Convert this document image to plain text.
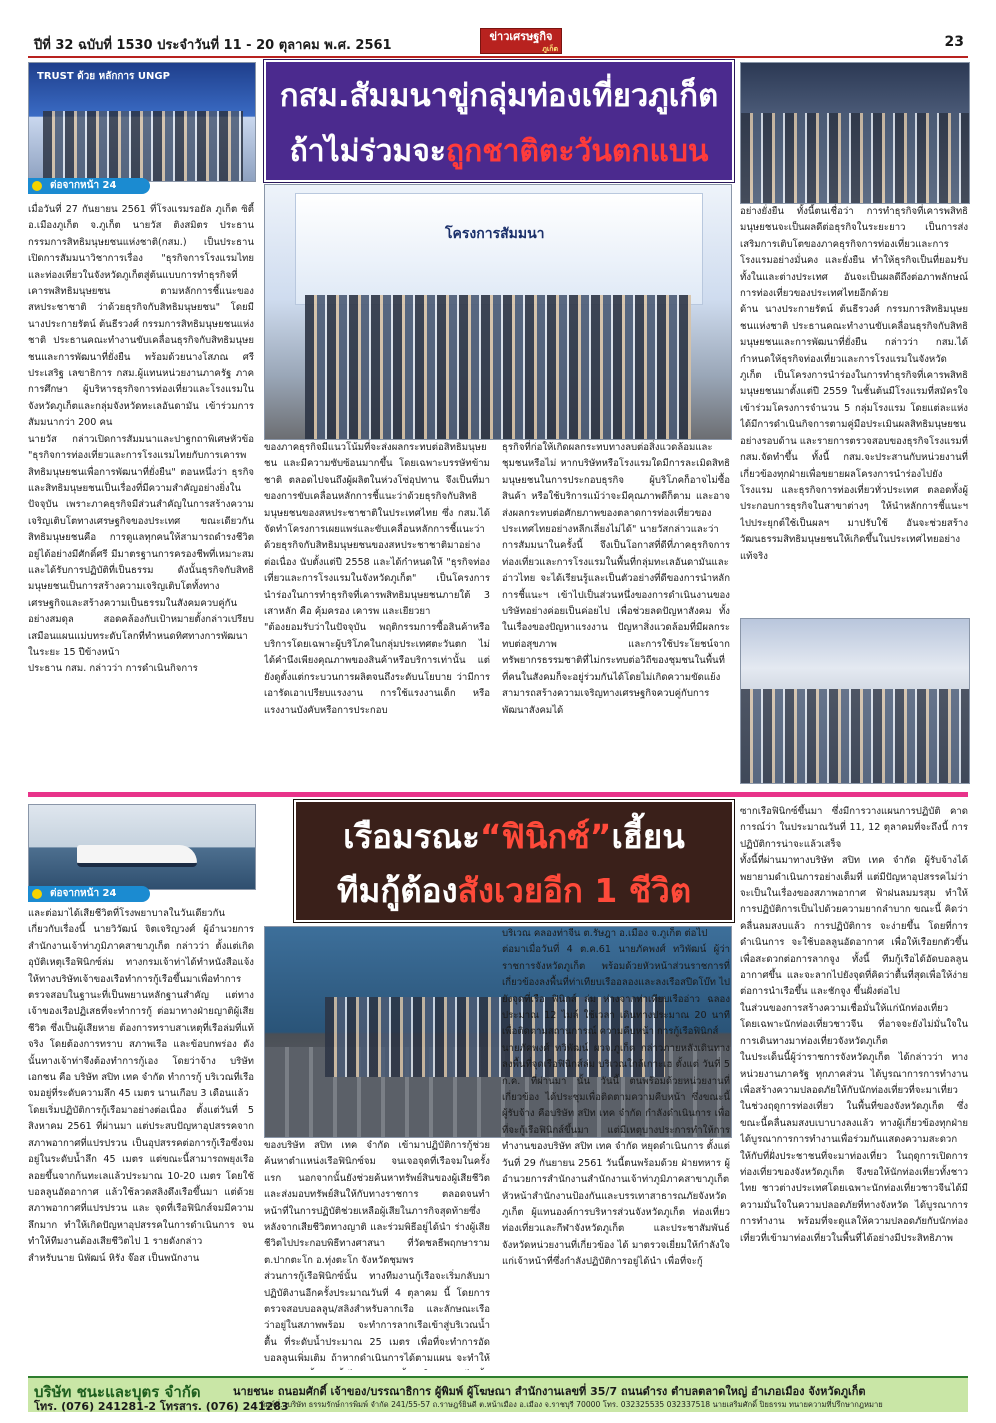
ปีที่ 32 ฉบับที่ 1530 ประจำวันที่ 11 - 20 ตุลาคม พ.ศ. 2561
ข่าวเศรษฐกิจ
ภูเก็ต	23
TRUST ด้วย หลักการ UNGP
ต่อจากหน้า 24
กสม.สัมมนาขู่กลุ่มท่องเที่ยวภูเก็ต
ถ้าไม่ร่วมจะถูกชาติตะวันตกแบน
โครงการสัมมนา
เมื่อวันที่ 27 กันยายน 2561 ที่โรงแรมรอยัล ภูเก็ต ซิตี้ อ.เมืองภูเก็ต จ.ภูเก็ต นายวัส ติงสมิตร ประธานกรรมการสิทธิมนุษยชนแห่งชาติ(กสม.) เป็นประธานเปิดการสัมมนาวิชาการเรื่อง "ธุรกิจการโรงแรมไทยและท่องเที่ยวในจังหวัดภูเก็ตสู่ต้นแบบการทำธุรกิจที่เคารพสิทธิมนุษยชน ตามหลักการชี้แนะของสหประชาชาติ ว่าด้วยธุรกิจกับสิทธิมนุษยชน" โดยมีนางประกายรัตน์ ต้นธีรวงศ์ กรรมการสิทธิมนุษยชนแห่งชาติ ประธานคณะทำงานขับเคลื่อนธุรกิจกับสิทธิมนุษยชนและการพัฒนาที่ยั่งยืน พร้อมด้วยนางโสภณ ศรีประเสริฐ เลขาธิการ กสม.ผู้แทนหน่วยงานภาครัฐ ภาคการศึกษา ผู้บริหารธุรกิจการท่องเที่ยวและโรงแรมในจังหวัดภูเก็ตและกลุ่มจังหวัดทะเลอันดามัน เข้าร่วมการสัมมนากว่า 200 คน
นายวัส กล่าวเปิดการสัมมนาและปาฐกถาพิเศษหัวข้อ "ธุรกิจการท่องเที่ยวและการโรงแรมไทยกับการเคารพสิทธิมนุษยชนเพื่อการพัฒนาที่ยั่งยืน" ตอนหนึ่งว่า ธุรกิจและสิทธิมนุษยชนเป็นเรื่องที่มีความสำคัญอย่างยิ่งในปัจจุบัน เพราะภาคธุรกิจมีส่วนสำคัญในการสร้างความเจริญเติบโตทางเศรษฐกิจของประเทศ ขณะเดียวกันสิทธิมนุษยชนคือ การดูแลทุกคนให้สามารถดำรงชีวิตอยู่ได้อย่างมีศักดิ์ศรี มีมาตรฐานการครองชีพที่เหมาะสม และได้รับการปฏิบัติที่เป็นธรรม ดังนั้นธุรกิจกับสิทธิมนุษยชนเป็นการสร้างความเจริญเติบโตทั้งทางเศรษฐกิจและสร้างความเป็นธรรมในสังคมควบคู่กันอย่างสมดุล สอดคล้องกับเป้าหมายตั้งกล่าวเปรียบเสมือนแผนแม่บทระดับโลกที่ทำหนดทิศทางการพัฒนาในระยะ 15 ปีข้างหน้า
ประธาน กสม. กล่าวว่า การดำเนินกิจการ
ของภาคธุรกิจมีแนวโน้มที่จะส่งผลกระทบต่อสิทธิมนุษยชน และมีความซับซ้อนมากขึ้น โดยเฉพาะบรรษัทข้ามชาติ ตลอดไปจนถึงผู้ผลิตในห่วงโซ่อุปทาน จึงเป็นที่มาของการขับเคลื่อนหลักการชี้แนะว่าด้วยธุรกิจกับสิทธิมนุษยชนของสหประชาชาติในประเทศไทย ซึ่ง กสม.ได้จัดทำโครงการเผยแพร่และขับเคลื่อนหลักการชี้แนะว่าด้วยธุรกิจกับสิทธิมนุษยชนของสหประชาชาติมาอย่างต่อเนื่อง นับตั้งแต่ปี 2558 และได้กำหนดให้ "ธุรกิจท่องเที่ยวและการโรงแรมในจังหวัดภูเก็ต" เป็นโครงการนำร่องในการทำธุรกิจที่เคารพสิทธิมนุษยชนภายใต้ 3 เสาหลัก คือ คุ้มครอง เคารพ และเยียวยา
"ต้องยอมรับว่าในปัจจุบัน พฤติกรรมการซื้อสินค้าหรือบริการโดยเฉพาะผู้บริโภคในกลุ่มประเทศตะวันตก ไม่ได้คำนึงเพียงคุณภาพของสินค้าหรือบริการเท่านั้น แต่ยังดูตั้งแต่กระบวนการผลิตจนถึงระดับนโยบาย ว่ามีการเอารัดเอาเปรียบแรงงาน การใช้แรงงานเด็ก หรือแรงงานบังคับหรือการประกอบ
ธุรกิจที่ก่อให้เกิดผลกระทบทางลบต่อสิ่งแวดล้อมและชุมชนหรือไม่ หากบริษัทหรือโรงแรมใดมีการละเมิดสิทธิมนุษยชนในการประกอบธุรกิจ ผู้บริโภคก็อาจไม่ซื้อสินค้า หรือใช้บริการแม้ว่าจะมีคุณภาพดีก็ตาม และอาจส่งผลกระทบต่อศักยภาพของตลาดการท่องเที่ยวของประเทศไทยอย่างหลีกเลี่ยงไม่ได้" นายวัสกล่าวและว่า
การสัมมนาในครั้งนี้ จึงเป็นโอกาสที่ดีที่ภาคธุรกิจการท่องเที่ยวและการโรงแรมในพื้นที่กลุ่มทะเลอันดามันและอ่าวไทย จะได้เรียนรู้และเป็นตัวอย่างที่ดีของการนำหลักการชี้แนะฯ เข้าไปเป็นส่วนหนึ่งของการดำเนินงานของบริษัทอย่างค่อยเป็นค่อยไป เพื่อช่วยลดปัญหาสังคม ทั้งในเรื่องของปัญหาแรงงาน ปัญหาสิ่งแวดล้อมที่มีผลกระทบต่อสุขภาพ และการใช้ประโยชน์จากทรัพยากรธรรมชาติที่ไม่กระทบต่อวิถีของชุมชนในพื้นที่ ที่คนในสังคมก็จะอยู่ร่วมกันได้โดยไม่เกิดความขัดแย้ง สามารถสร้างความเจริญทางเศรษฐกิจควบคู่กับการพัฒนาสังคมได้
อย่างยั่งยืน ทั้งนี้ตนเชื่อว่า การทำธุรกิจที่เคารพสิทธิมนุษยชนจะเป็นผลดีต่อธุรกิจในระยะยาว เป็นการส่งเสริมการเติบโตของภาคธุรกิจการท่องเที่ยวและการโรงแรมอย่างมั่นคง และยั่งยืน ทำให้ธุรกิจเป็นที่ยอมรับทั้งในและต่างประเทศ อันจะเป็นผลดีถึงต่อภาพลักษณ์การท่องเที่ยวของประเทศไทยอีกด้วย
ด้าน นางประกายรัตน์ ต้นธีรวงศ์ กรรมการสิทธิมนุษยชนแห่งชาติ ประธานคณะทำงานขับเคลื่อนธุรกิจกับสิทธิมนุษยชนและการพัฒนาที่ยั่งยืน กล่าวว่า กสม.ได้กำหนดให้ธุรกิจท่องเที่ยวและการโรงแรมในจังหวัดภูเก็ต เป็นโครงการนำร่องในการทำธุรกิจที่เคารพสิทธิมนุษยชนมาตั้งแต่ปี 2559 ในชั้นต้นมีโรงแรมที่สมัครใจเข้าร่วมโครงการจำนวน 5 กลุ่มโรงแรม โดยแต่ละแห่งได้มีการดำเนินกิจการตามคู่มือประเมินผลสิทธิมนุษยชนอย่างรอบด้าน และรายการตรวจสอบของธุรกิจโรงแรมที่ กสม.จัดทำขึ้น ทั้งนี้ กสม.จะประสานกับหน่วยงานที่เกี่ยวข้องทุกฝ่ายเพื่อขยายผลโครงการนำร่องไปยังโรงแรม และธุรกิจการท่องเที่ยวทั่วประเทศ ตลอดทั้งผู้ประกอบการธุรกิจในสาขาต่างๆ ให้นำหลักการชี้แนะฯ ไปประยุกต์ใช้เป็นผลฯ มาปรับใช้ อันจะช่วยสร้างวัฒนธรรมสิทธิมนุษยชนให้เกิดขึ้นในประเทศไทยอย่างแท้จริง
ต่อจากหน้า 24
เรือมรณะ“ฟินิกซ์”เฮี้ยน
ทีมกู้ต้องสังเวยอีก 1 ชีวิต
และต่อมาได้เสียชีวิตที่โรงพยาบาลในวันเดียวกัน
เกี่ยวกับเรื่องนี้ นายวิวัฒน์ จิตเจริญวงศ์ ผู้อำนวยการสำนักงานเจ้าท่าภูมิภาคสาขาภูเก็ต กล่าวว่า ตั้งแต่เกิดอุบัติเหตุเรือฟินิกซ์ล่ม ทางกรมเจ้าท่าได้ทำหนังสือแจ้งให้ทางบริษัทเจ้าของเรือทำการกู้เรือขึ้นมาเพื่อทำการตรวจสอบในฐานะที่เป็นพยานหลักฐานสำคัญ แต่ทางเจ้าของเรือปฏิเสธที่จะทำการกู้ ต่อมาทางฝ่ายญาติผู้เสียชีวิต ซึ่งเป็นผู้เสียหาย ต้องการทราบสาเหตุที่เรือล่มที่แท้จริง โดยต้องการทราบ สภาพเรือ และข้อบกพร่อง ดังนั้นทางเจ้าท่าจึงต้องทำการกู้เอง โดยว่าจ้าง บริษัทเอกชน คือ บริษัท สปิท เทค จำกัด ทำการกู้ บริเวณที่เรือจมอยู่ที่ระดับความลึก 45 เมตร นานเกือบ 3 เดือนแล้ว
โดยเริ่มปฏิบัติการกู้เรือมาอย่างต่อเนื่อง ตั้งแต่วันที่ 5 สิงหาคม 2561 ที่ผ่านมา แต่ประสบปัญหาอุปสรรคจากสภาพอากาศที่แปรปรวน เป็นอุปสรรคต่อการกู้เรือซึ่งจมอยู่ในระดับน้ำลึก 45 เมตร แต่ขณะนี้สามารถพยุงเรือลอยขึ้นจากก้นทะเลแล้วประมาณ 10-20 เมตร โดยใช้บอลลูนอัดอากาศ แล้วใช้ลวดสลิงดึงเรือขึ้นมา แต่ด้วยสภาพอากาศที่แปรปรวน และ จุดที่เรือฟินิกส์จมมีความลึกมาก ทำให้เกิดปัญหาอุปสรรคในการดำเนินการ จนทำให้ทีมงานต้องเสียชีวิตไป 1 รายดังกล่าว
สำหรับนาย นิพัฒน์ หิรัง จ๊อส เป็นพนักงาน
ของบริษัท สปิท เทค จำกัด เข้ามาปฏิบัติการกู้ช่วยค้นหาตำแหน่งเรือฟินิกซ์จม จนเจอจุดที่เรือจมในครั้งแรก นอกจากนั้นยังช่วยค้นหาทรัพย์สินของผู้เสียชีวิตและส่งมอบทรัพย์สินให้กับทางราชการ ตลอดจนทำหน้าที่ในการปฏิบัติช่วยเหลือผู้เสียในภารกิจสุดท้ายซึ่งหลังจากเสียชีวิตทางญาติ และร่วมพิธีอยู่ได้นำ ร่างผู้เสียชีวิตไปประกอบพิธีทางศาสนา ที่วัดชลธีพฤกษาราม ต.ปากตะโก อ.ทุ่งตะโก จังหวัดชุมพร
ส่วนการกู้เรือฟินิกซ์นั้น ทางทีมงานกู้เรือจะเริ่มกลับมาปฏิบัติงานอีกครั้งประมาณวันที่ 4 ตุลาคม นี้ โดยการตรวจสอบบอลลูน/สลิงสำหรับลากเรือ และลักษณะเรือว่าอยู่ในสภาพพร้อม จะทำการลากเรือเข้าสู่บริเวณน้ำตื้น ที่ระดับน้ำประมาณ 25 เมตร เพื่อที่จะทำการอัดบอลลูนเพิ่มเติม ถ้าหากดำเนินการได้ตามแผน จะทำให้
บริเวณ คลองท่าจีน ต.รัษฎา อ.เมือง จ.ภูเก็ต ต่อไป
ต่อมาเมื่อวันที่ 4 ต.ค.61 นายภัคพงศ์ ทวิพัฒน์ ผู้ว่าราชการจังหวัดภูเก็ต พร้อมด้วยหัวหน้าส่วนราชการที่เกี่ยวข้องลงพื้นที่ท่าเทียบเรืออลองและลงเรือสปีดโบ๊ท ไปยังจุดที่เรือ ฟินิกส์ ล่ม ห่างจากท่าเทียบเรืออ่าว ฉลอง ประมาณ 12 ไมล์ ใช้เวลา เดินทางประมาณ 20 นาที เพื่อติดตามสถานการณ์ ความคืบหน้า การกู้เรือฟินิกส์
นายภัคพงศ์ ทวิพัฒน์ ผวจ.ภูเก็ต กล่าวภายหลังเดินทางลงพื้นที่จุดเรือฟินิกส์ล่ม บริเวณใกล้เกาะเฮ ตั้งแต่ วันที่ 5 ก.ค. ที่ผ่านมา นั้น วันนี้ ตนพร้อมด้วยหน่วยงานที่เกี่ยวข้อง ได้ประชุมเพื่อติดตามความคืบหน้า ซึ่งขณะนี้ผู้รับจ้าง คือบริษัท สปิท เทค จำกัด กำลังดำเนินการ เพื่อที่จะกู้เรือฟินิกส์ขึ้นมา แต่มีเหตุบางประการทำให้การทำงานของบริษัท สปิท เทค จำกัด หยุดดำเนินการ ตั้งแต่วันที่ 29 กันยายน 2561 วันนี้ตนพร้อมด้วย ฝ่ายทหาร ผู้อำนวยการสำนักงานสำนักงานเจ้าท่าภูมิภาคสาขาภูเก็ต หัวหน้าสำนักงานป้องกันและบรรเทาสาธารณภัยจังหวัดภูเก็ต ผู้แทนองค์การบริหารส่วนจังหวัดภูเก็ต ท่องเที่ยวท่องเที่ยวและกีฬาจังหวัดภูเก็ต และประชาสัมพันธ์จังหวัดหน่วยงานที่เกี่ยวข้อง ได้ มาตรวจเยี่ยมให้กำลังใจแก่เจ้าหน้าที่ซึ่งกำลังปฏิบัติการอยู่ได้นำ เพื่อที่จะกู้
ซากเรือฟินิกซ์ขึ้นมา ซึ่งมีการวางแผนการปฏิบัติ คาดการณ์ว่า ในประมาณวันที่ 11, 12 ตุลาคมที่จะถึงนี้ การปฏิบัติการน่าจะแล้วเสร็จ
ทั้งนี้ที่ผ่านมาทางบริษัท สปิท เทค จำกัด ผู้รับจ้างได้พยายามดำเนินการอย่างเต็มที่ แต่มีปัญหาอุปสรรคไม่ว่าจะเป็นในเรื่องของสภาพอากาศ ฟ้าฝนลมมรสุม ทำให้การปฏิบัติการเป็นไปด้วยความยากลำบาก ขณะนี้ คิดว่าคลื่นลมสงบแล้ว การปฏิบัติการ จะง่ายขึ้น โดยที่การดำเนินการ จะใช้บอลลูนอัดอากาศ เพื่อให้เรือยกตัวขึ้นเพื่อสะดวกต่อการลากจูง ทั้งนี้ ทีมกู้เรือได้อัดบอลลูนอากาศขึ้น และจะลากไปยังจุดที่คิดว่าตื้นที่สุดเพื่อให้ง่ายต่อการนำเรือขึ้น และชักจูง ขึ้นฝั่งต่อไป
ในส่วนของการสร้างความเชื่อมั่นให้แก่นักท่องเที่ยว โดยเฉพาะนักท่องเที่ยวชาวจีน ที่อาจจะยังไม่มั่นใจในการเดินทางมาท่องเที่ยวจังหวัดภูเก็ต
ในประเด็นนี้ผู้ว่าราชการจังหวัดภูเก็ต ได้กล่าวว่า ทางหน่วยงานภาครัฐ ทุกภาคส่วน ได้บูรณาการการทำงานเพื่อสร้างความปลอดภัยให้กับนักท่องเที่ยวที่จะมาเที่ยวในช่วงฤดูการท่องเที่ยว ในพื้นที่ของจังหวัดภูเก็ต ซึ่งขณะนี้คลื่นลมสงบเบาบางลงแล้ว ทางผู้เกี่ยวข้องทุกฝ่ายได้บูรณาการการทำงานเพื่อร่วมกันแสดงความสะดวกให้กับที่ฝั่งประชาชนที่จะมาท่องเที่ยว ในฤดูการเปิดการท่องเที่ยวของจังหวัดภูเก็ต จึงขอให้นักท่องเที่ยวทั้งชาวไทย ชาวต่างประเทศโดยเฉพาะนักท่องเที่ยวชาวจีนได้มีความมั่นใจในความปลอดภัยที่ทางจังหวัด ได้บูรณาการการทำงาน พร้อมที่จะดูแลให้ความปลอดภัยกับนักท่องเที่ยวที่เข้ามาท่องเที่ยวในพื้นที่ได้อย่างมีประสิทธิภาพ
บริษัท ชนะและบุตร จำกัด	นายชนะ ถนอมศักดิ์ เจ้าของ/บรรณาธิการ ผู้พิมพ์ ผู้โฆษณา สำนักงานเลขที่ 35/7 ถนนดำรง ตำบลตลาดใหญ่ อำเภอเมือง จังหวัดภูเก็ต
โทร. (076) 241281-2 โทรสาร. (076) 241283
พิมพ์ที่...บริษัท ธรรมรักษ์การพิมพ์ จำกัด 241/55-57 ถ.ราษฎร์ยินดี ต.หน้าเมือง อ.เมือง จ.ราชบุรี 70000 โทร. 032325535 032337518 นายเสริมศักดิ์ ปิยธรรม ทนายความที่ปรึกษากฎหมาย
